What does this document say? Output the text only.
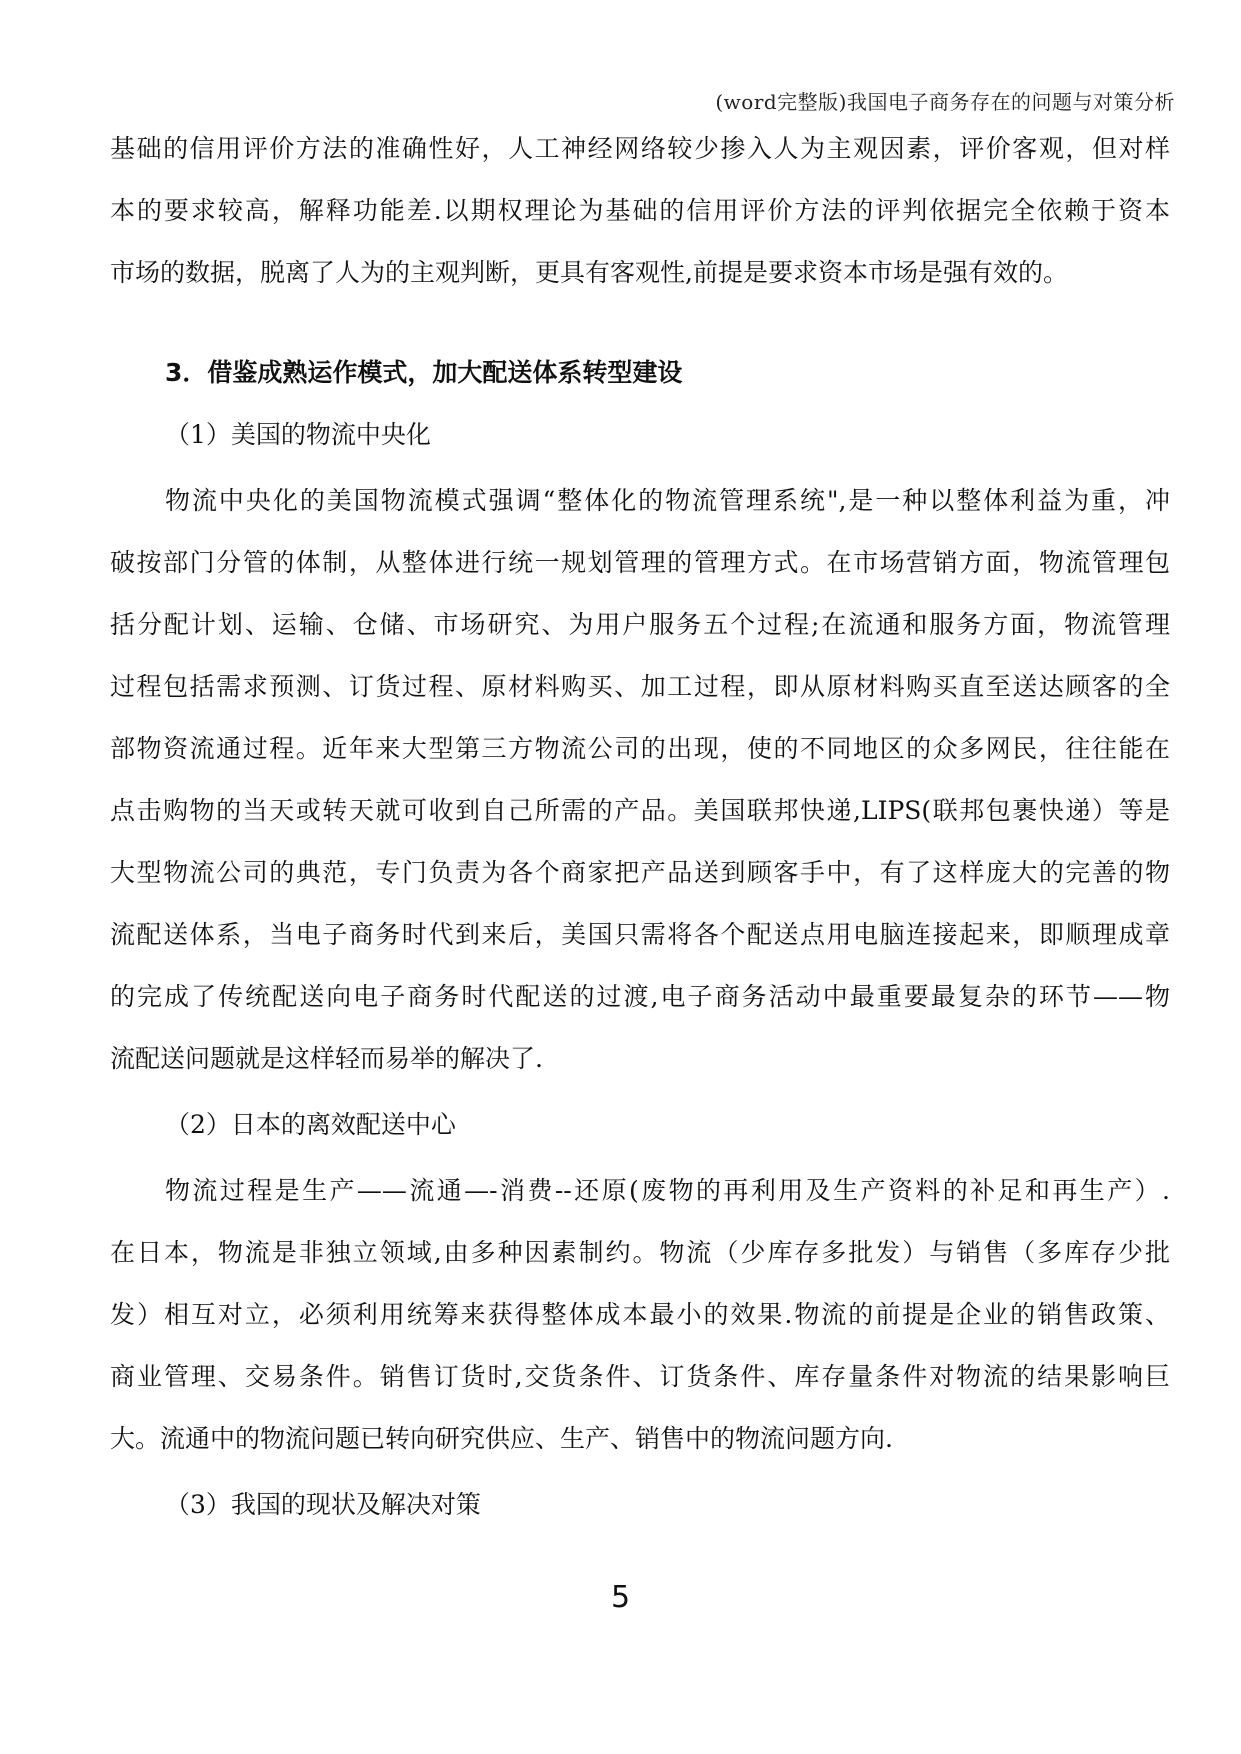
(word完整版)我国电子商务存在的问题与对策分析
基础的信用评价方法的准确性好，人工神经网络较少掺入人为主观因素，评价客观，但对样
本的要求较高，解释功能差.以期权理论为基础的信用评价方法的评判依据完全依赖于资本
市场的数据，脱离了人为的主观判断，更具有客观性,前提是要求资本市场是强有效的。
3．借鉴成熟运作模式，加大配送体系转型建设
（1）美国的物流中央化
物流中央化的美国物流模式强调“整体化的物流管理系统",是一种以整体利益为重，冲
破按部门分管的体制，从整体进行统一规划管理的管理方式。在市场营销方面，物流管理包
括分配计划、运输、仓储、市场研究、为用户服务五个过程;在流通和服务方面，物流管理
过程包括需求预测、订货过程、原材料购买、加工过程，即从原材料购买直至送达顾客的全
部物资流通过程。近年来大型第三方物流公司的出现，使的不同地区的众多网民，往往能在
点击购物的当天或转天就可收到自己所需的产品。美国联邦快递,LIPS(联邦包裹快递）等是
大型物流公司的典范，专门负责为各个商家把产品送到顾客手中，有了这样庞大的完善的物
流配送体系，当电子商务时代到来后，美国只需将各个配送点用电脑连接起来，即顺理成章
的完成了传统配送向电子商务时代配送的过渡,电子商务活动中最重要最复杂的环节——物
流配送问题就是这样轻而易举的解决了.
（2）日本的离效配送中心
物流过程是生产——流通—-消费--还原(废物的再利用及生产资料的补足和再生产）.
在日本，物流是非独立领域,由多种因素制约。物流（少库存多批发）与销售（多库存少批
发）相互对立，必须利用统筹来获得整体成本最小的效果.物流的前提是企业的销售政策、
商业管理、交易条件。销售订货时,交货条件、订货条件、库存量条件对物流的结果影响巨
大。流通中的物流问题已转向研究供应、生产、销售中的物流问题方向.
（3）我国的现状及解决对策
5
